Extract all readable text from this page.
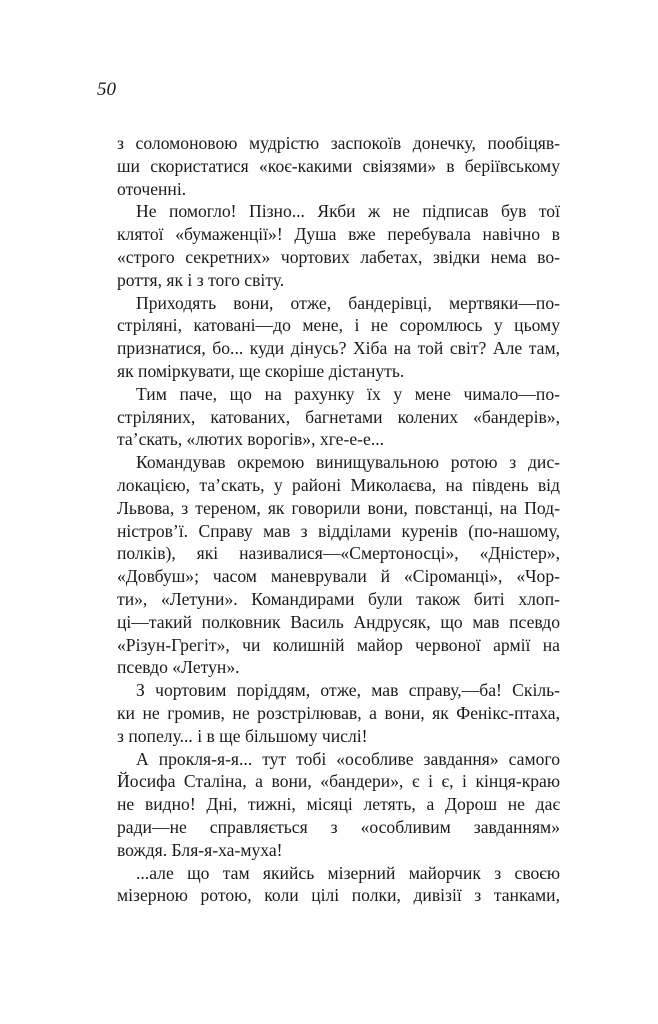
50
з соломоновою мудрістю заспокоїв донечку, пообіцяв-
ши скористатися «коє-какими свіязями» в берiївському
оточенні.
Не помогло! Пізно... Якби ж не підписав був тої
клятої «бумаженції»! Душа вже перебувала навічно в
«строго секретних» чортових лабетах, звідки нема во-
роття, як і з того світу.
Приходять вони, отже, бандерівці, мертвяки—по-
стріляні, катовані—до мене, і не соромлюсь у цьому
признатися, бо... куди дінусь? Хіба на той світ? Але там,
як поміркувати, ще скоріше дістануть.
Тим паче, що на рахунку їх у мене чимало—по-
стріляних, катованих, багнетами колених «бандерів»,
та’скать, «лютих ворогів», хге-е-е...
Командував окремою винищувальною ротою з дис-
локацією, та’скать, у районі Миколаєва, на південь від
Львова, з тереном, як говорили вони, повстанці, на Под-
ністров’ї. Справу мав з відділами куренів (по-нашому,
полків), які називалися—«Смертоносці», «Дністер»,
«Довбуш»; часом маневрували й «Сіроманці», «Чор-
ти», «Летуни». Командирами були також биті хлоп-
ці—такий полковник Василь Андрусяк, що мав псевдо
«Різун-Грегіт», чи колишній майор червоної армії на
псевдо «Летун».
З чортовим поріддям, отже, мав справу,—ба! Скіль-
ки не громив, не розстрілював, а вони, як Фенікс-птаха,
з попелу... і в ще більшому числі!
А прокля-я-я... тут тобі «особливе завдання» самого
Йосифа Сталіна, а вони, «бандери», є і є, і кінця-краю
не видно! Дні, тижні, місяці летять, а Дорош не дає
ради—не справляється з «особливим завданням»
вождя. Бля-я-ха-муха!
...але що там якийсь мізерний майорчик з своєю
мізерною ротою, коли цілі полки, дивізії з танками,
